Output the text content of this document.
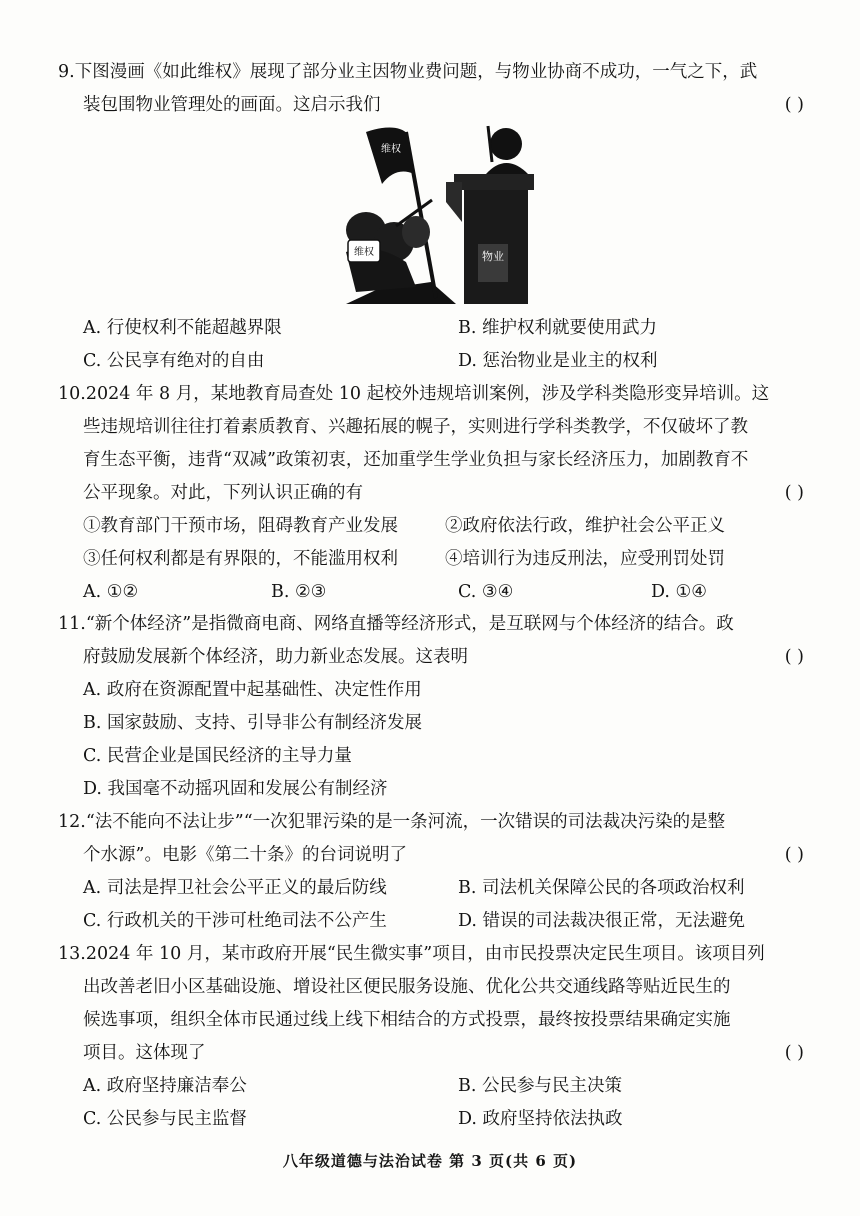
9.下图漫画《如此维权》展现了部分业主因物业费问题，与物业协商不成功，一气之下，武
装包围物业管理处的画面。这启示我们	( )
物业
维权
维权
A. 行使权利不能超越界限	B. 维护权利就要使用武力
C. 公民享有绝对的自由	D. 惩治物业是业主的权利
10.2024 年 8 月，某地教育局查处 10 起校外违规培训案例，涉及学科类隐形变异培训。这
些违规培训往往打着素质教育、兴趣拓展的幌子，实则进行学科类教学，不仅破坏了教
育生态平衡，违背“双减”政策初衷，还加重学生学业负担与家长经济压力，加剧教育不
公平现象。对此，下列认识正确的有	( )
①教育部门干预市场，阻碍教育产业发展	②政府依法行政，维护社会公平正义
③任何权利都是有界限的，不能滥用权利	④培训行为违反刑法，应受刑罚处罚
A. ①②	B. ②③	C. ③④	D. ①④
11.“新个体经济”是指微商电商、网络直播等经济形式，是互联网与个体经济的结合。政
府鼓励发展新个体经济，助力新业态发展。这表明	( )
A. 政府在资源配置中起基础性、决定性作用
B. 国家鼓励、支持、引导非公有制经济发展
C. 民营企业是国民经济的主导力量
D. 我国毫不动摇巩固和发展公有制经济
12.“法不能向不法让步”“一次犯罪污染的是一条河流，一次错误的司法裁决污染的是整
个水源”。电影《第二十条》的台词说明了	( )
A. 司法是捍卫社会公平正义的最后防线	B. 司法机关保障公民的各项政治权利
C. 行政机关的干涉可杜绝司法不公产生	D. 错误的司法裁决很正常，无法避免
13.2024 年 10 月，某市政府开展“民生微实事”项目，由市民投票决定民生项目。该项目列
出改善老旧小区基础设施、增设社区便民服务设施、优化公共交通线路等贴近民生的
候选事项，组织全体市民通过线上线下相结合的方式投票，最终按投票结果确定实施
项目。这体现了	( )
A. 政府坚持廉洁奉公	B. 公民参与民主决策
C. 公民参与民主监督	D. 政府坚持依法执政
八年级道德与法治试卷 第 3 页(共 6 页)
